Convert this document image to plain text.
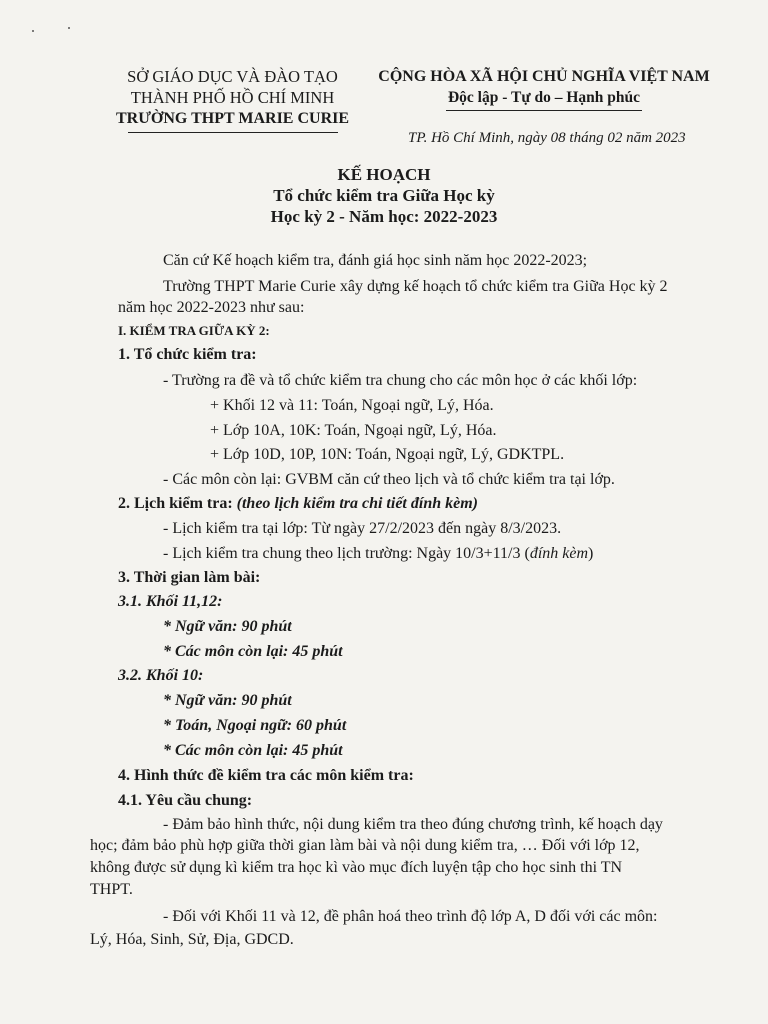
SỞ GIÁO DỤC VÀ ĐÀO TẠO
THÀNH PHỐ HỒ CHÍ MINH
TRƯỜNG THPT MARIE CURIE
CỘNG HÒA XÃ HỘI CHỦ NGHĨA VIỆT NAM
Độc lập - Tự do – Hạnh phúc
TP. Hồ Chí Minh, ngày 08 tháng 02 năm 2023
KẾ HOẠCH
Tổ chức kiểm tra Giữa Học kỳ
Học kỳ 2 - Năm học: 2022-2023
Căn cứ Kế hoạch kiểm tra, đánh giá học sinh năm học 2022-2023;
Trường THPT Marie Curie xây dựng kế hoạch tổ chức kiểm tra Giữa Học kỳ 2
năm học 2022-2023 như sau:
I. KIỂM TRA GIỮA KỲ 2:
1. Tổ chức kiểm tra:
- Trường ra đề và tổ chức kiểm tra chung cho các môn học ở các khối lớp:
+ Khối 12 và 11: Toán, Ngoại ngữ, Lý, Hóa.
+ Lớp 10A, 10K: Toán, Ngoại ngữ, Lý, Hóa.
+ Lớp 10D, 10P, 10N: Toán, Ngoại ngữ, Lý, GDKTPL.
- Các môn còn lại: GVBM căn cứ theo lịch và tổ chức kiểm tra tại lớp.
2. Lịch kiểm tra: (theo lịch kiểm tra chi tiết đính kèm)
- Lịch kiểm tra tại lớp: Từ ngày 27/2/2023 đến ngày 8/3/2023.
- Lịch kiểm tra chung theo lịch trường: Ngày 10/3+11/3 (đính kèm)
3. Thời gian làm bài:
3.1. Khối 11,12:
* Ngữ văn: 90 phút
* Các môn còn lại: 45 phút
3.2. Khối 10:
* Ngữ văn: 90 phút
* Toán, Ngoại ngữ: 60 phút
* Các môn còn lại: 45 phút
4. Hình thức đề kiểm tra các môn kiểm tra:
4.1. Yêu cầu chung:
- Đảm bảo hình thức, nội dung kiểm tra theo đúng chương trình, kế hoạch dạy
học; đảm bảo phù hợp giữa thời gian làm bài và nội dung kiểm tra, … Đối với lớp 12,
không được sử dụng kì kiểm tra học kì vào mục đích luyện tập cho học sinh thi TN
THPT.
- Đối với Khối 11 và 12, đề phân hoá theo trình độ lớp A, D đối với các môn:
Lý, Hóa, Sinh, Sử, Địa, GDCD.
